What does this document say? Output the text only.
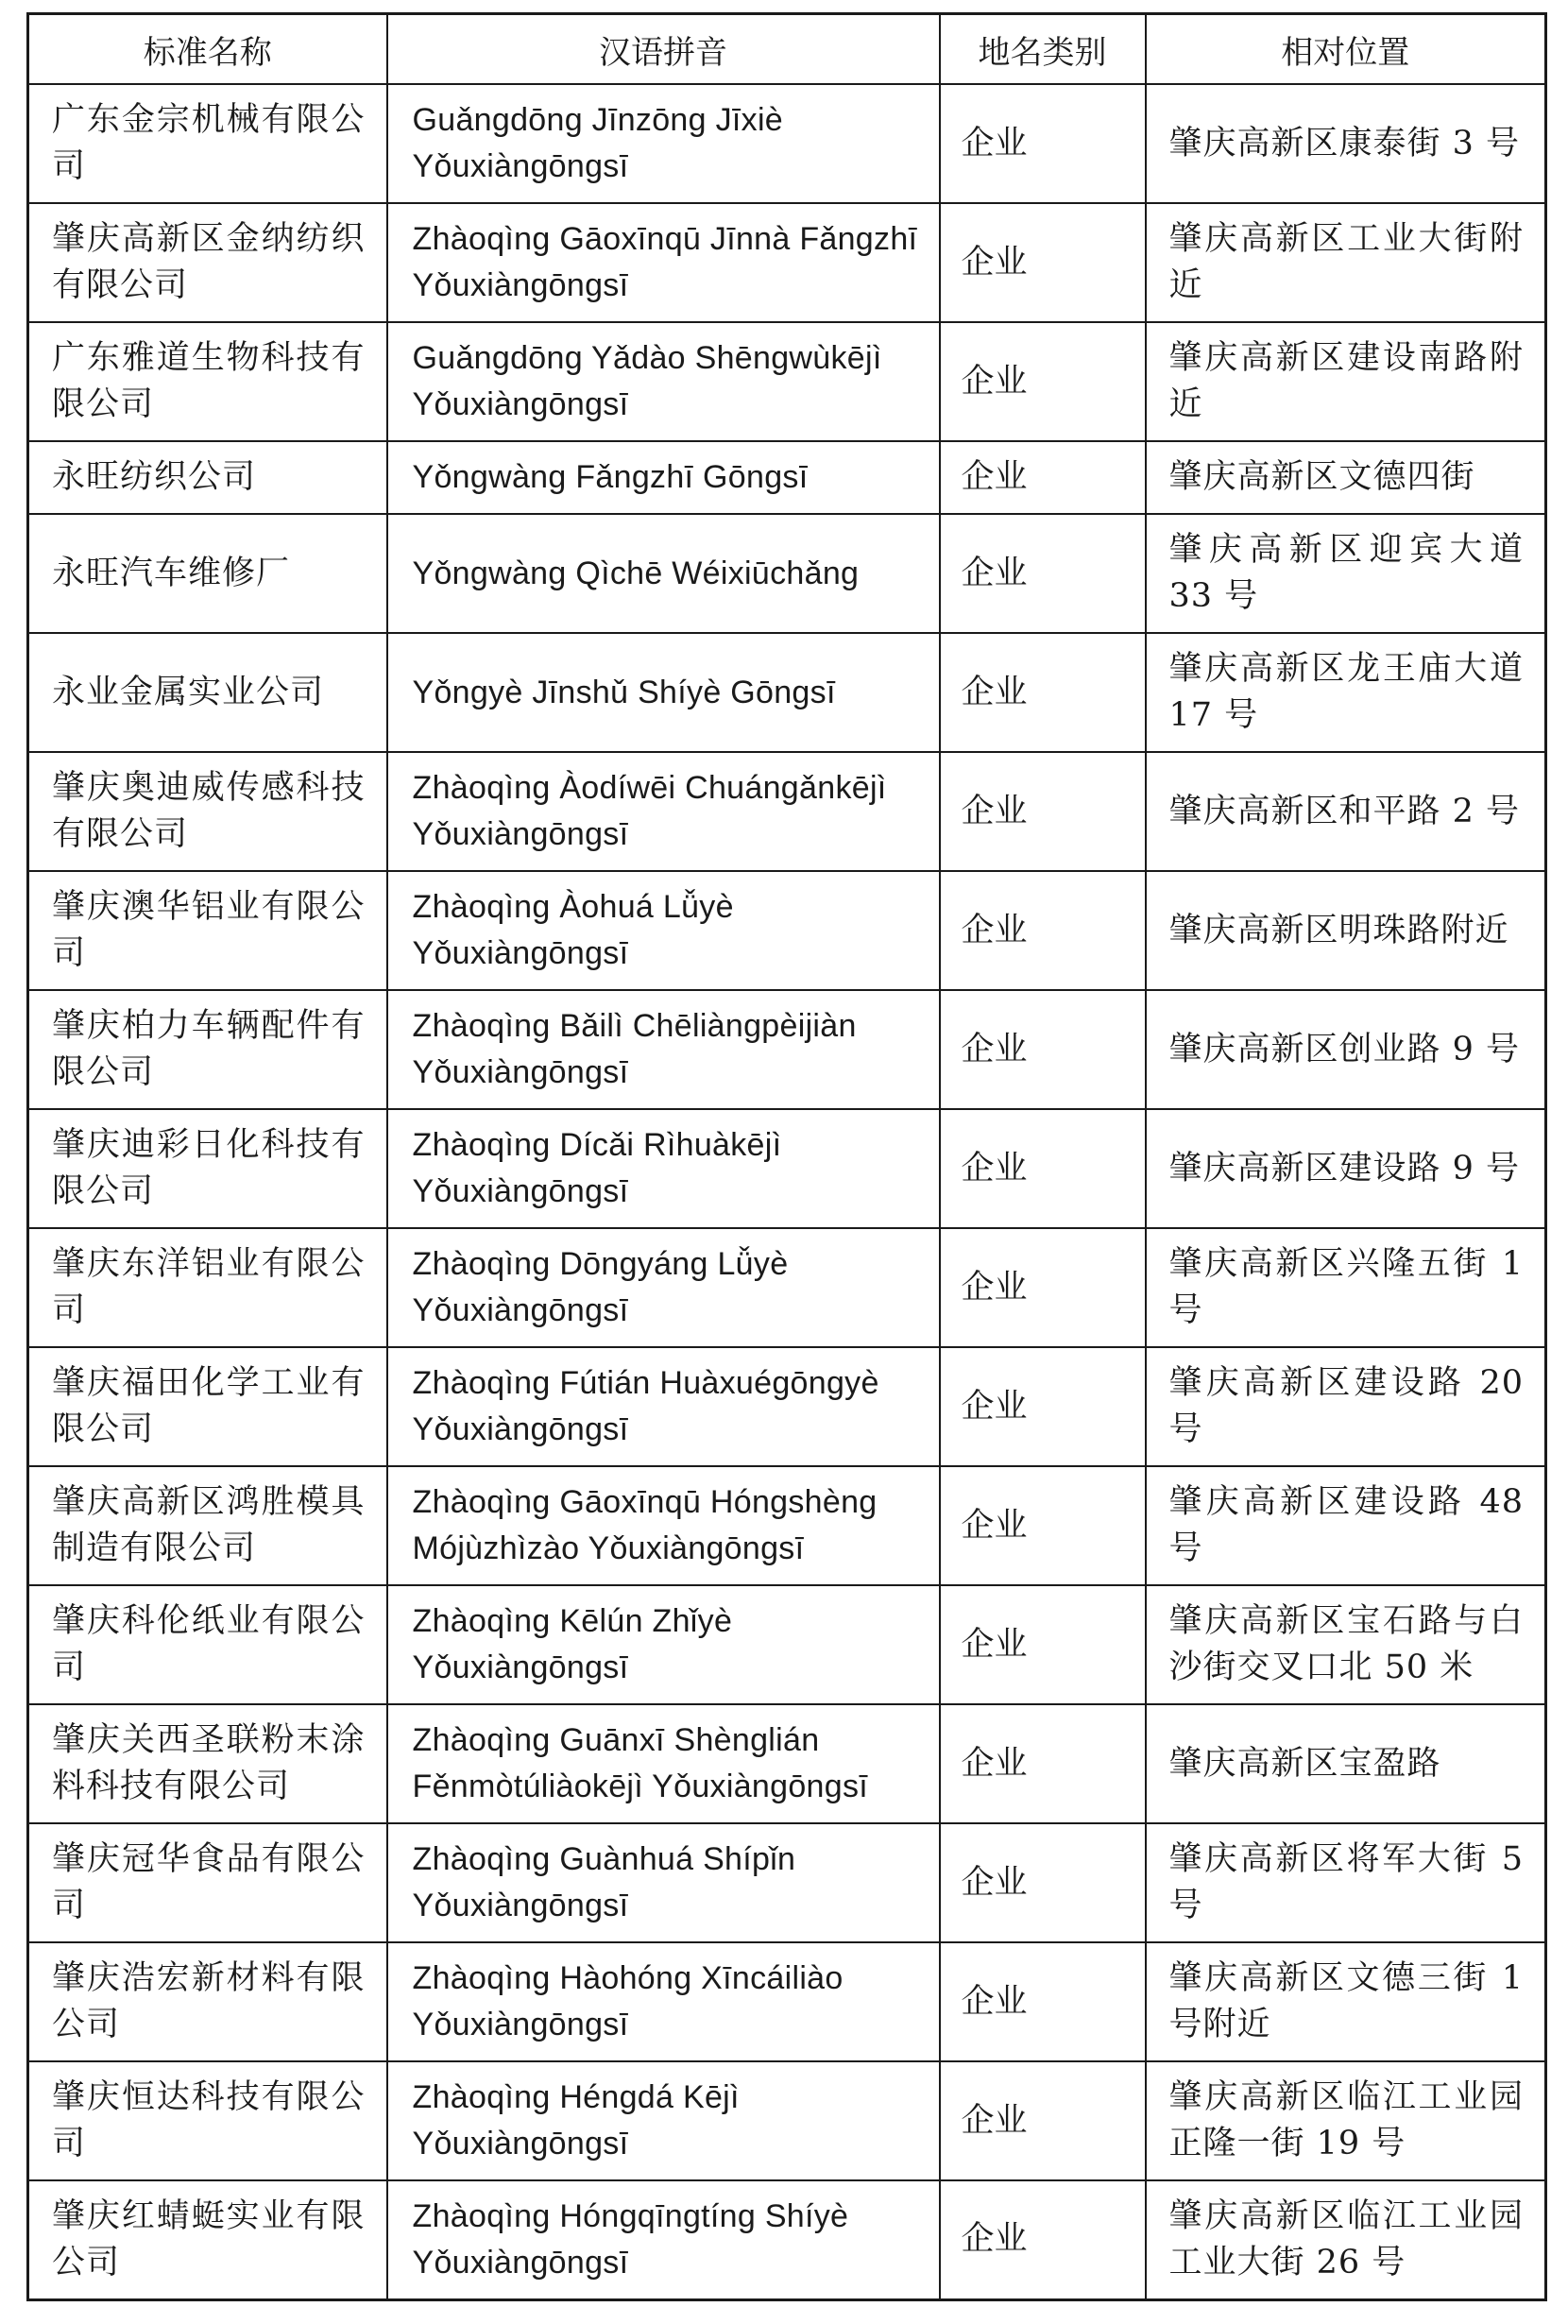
标准名称	汉语拼音	地名类别	相对位置
广东金宗机械有限公司	Guǎngdōng Jīnzōng Jīxiè Yǒuxiàngōngsī	企业	肇庆高新区康泰街 3 号
肇庆高新区金纳纺织有限公司	Zhàoqìng Gāoxīnqū Jīnnà Fǎngzhī Yǒuxiàngōngsī	企业	肇庆高新区工业大街附近
广东雅道生物科技有限公司	Guǎngdōng Yǎdào Shēngwùkējì Yǒuxiàngōngsī	企业	肇庆高新区建设南路附近
永旺纺织公司	Yǒngwàng Fǎngzhī Gōngsī	企业	肇庆高新区文德四街
永旺汽车维修厂	Yǒngwàng Qìchē Wéixiūchǎng	企业	肇庆高新区迎宾大道 33 号
永业金属实业公司	Yǒngyè Jīnshǔ Shíyè Gōngsī	企业	肇庆高新区龙王庙大道 17 号
肇庆奥迪威传感科技有限公司	Zhàoqìng Àodíwēi Chuángǎnkējì Yǒuxiàngōngsī	企业	肇庆高新区和平路 2 号
肇庆澳华铝业有限公司	Zhàoqìng Àohuá Lǚyè Yǒuxiàngōngsī	企业	肇庆高新区明珠路附近
肇庆柏力车辆配件有限公司	Zhàoqìng Bǎilì Chēliàngpèijiàn Yǒuxiàngōngsī	企业	肇庆高新区创业路 9 号
肇庆迪彩日化科技有限公司	Zhàoqìng Dícǎi Rìhuàkējì Yǒuxiàngōngsī	企业	肇庆高新区建设路 9 号
肇庆东洋铝业有限公司	Zhàoqìng Dōngyáng Lǚyè Yǒuxiàngōngsī	企业	肇庆高新区兴隆五街 1 号
肇庆福田化学工业有限公司	Zhàoqìng Fútián Huàxuégōngyè Yǒuxiàngōngsī	企业	肇庆高新区建设路 20 号
肇庆高新区鸿胜模具制造有限公司	Zhàoqìng Gāoxīnqū Hóngshèng Mójùzhìzào Yǒuxiàngōngsī	企业	肇庆高新区建设路 48 号
肇庆科伦纸业有限公司	Zhàoqìng Kēlún Zhǐyè Yǒuxiàngōngsī	企业	肇庆高新区宝石路与白沙街交叉口北 50 米
肇庆关西圣联粉末涂料科技有限公司	Zhàoqìng Guānxī Shènglián Fěnmòtúliàokējì Yǒuxiàngōngsī	企业	肇庆高新区宝盈路
肇庆冠华食品有限公司	Zhàoqìng Guànhuá Shípǐn Yǒuxiàngōngsī	企业	肇庆高新区将军大街 5 号
肇庆浩宏新材料有限公司	Zhàoqìng Hàohóng Xīncáiliào Yǒuxiàngōngsī	企业	肇庆高新区文德三街 1 号附近
肇庆恒达科技有限公司	Zhàoqìng Héngdá Kējì Yǒuxiàngōngsī	企业	肇庆高新区临江工业园正隆一街 19 号
肇庆红蜻蜓实业有限公司	Zhàoqìng Hóngqīngtíng Shíyè Yǒuxiàngōngsī	企业	肇庆高新区临江工业园工业大街 26 号
